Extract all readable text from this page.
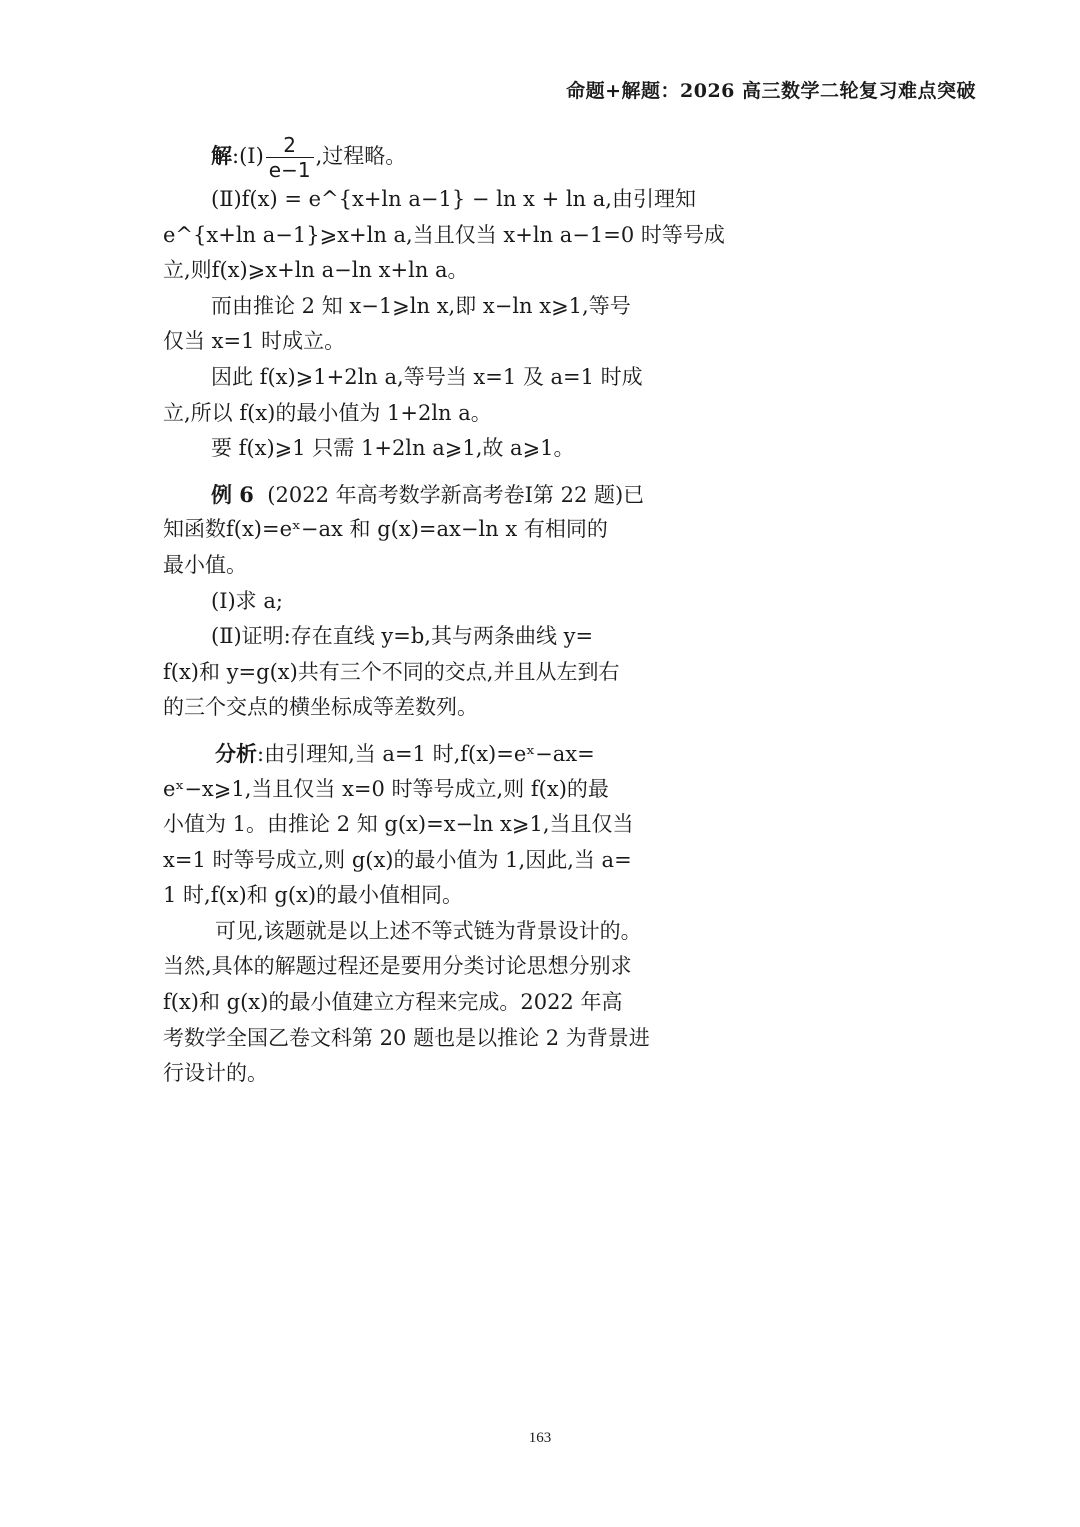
命题+解题：2026 高三数学二轮复习难点突破
解:(Ⅰ) $\frac{2}{e-1}$ ,过程略。
(Ⅱ)f(x) = e^{x+ln a−1} − ln x + ln a,由引理知
e^{x+ln a−1}⩾x+ln a,当且仅当 x+ln a−1=0 时等号成
立,则f(x)⩾x+ln a−ln x+ln a。
而由推论 2 知 x−1⩾ln x,即 x−ln x⩾1,等号
仅当 x=1 时成立。
因此 f(x)⩾1+2ln a,等号当 x=1 及 a=1 时成
立,所以 f(x)的最小值为 1+2ln a。
要 f(x)⩾1 只需 1+2ln a⩾1,故 a⩾1。
例 6 (2022 年高考数学新高考卷Ⅰ第 22 题)已
知函数f(x)=eˣ−ax 和 g(x)=ax−ln x 有相同的
最小值。
(Ⅰ)求 a;
(Ⅱ)证明:存在直线 y=b,其与两条曲线 y=
f(x)和 y=g(x)共有三个不同的交点,并且从左到右
的三个交点的横坐标成等差数列。
分析:由引理知,当 a=1 时,f(x)=eˣ−ax=
eˣ−x⩾1,当且仅当 x=0 时等号成立,则 f(x)的最
小值为 1。由推论 2 知 g(x)=x−ln x⩾1,当且仅当
x=1 时等号成立,则 g(x)的最小值为 1,因此,当 a=
1 时,f(x)和 g(x)的最小值相同。
可见,该题就是以上述不等式链为背景设计的。
当然,具体的解题过程还是要用分类讨论思想分别求
f(x)和 g(x)的最小值建立方程来完成。2022 年高
考数学全国乙卷文科第 20 题也是以推论 2 为背景进
行设计的。
163
